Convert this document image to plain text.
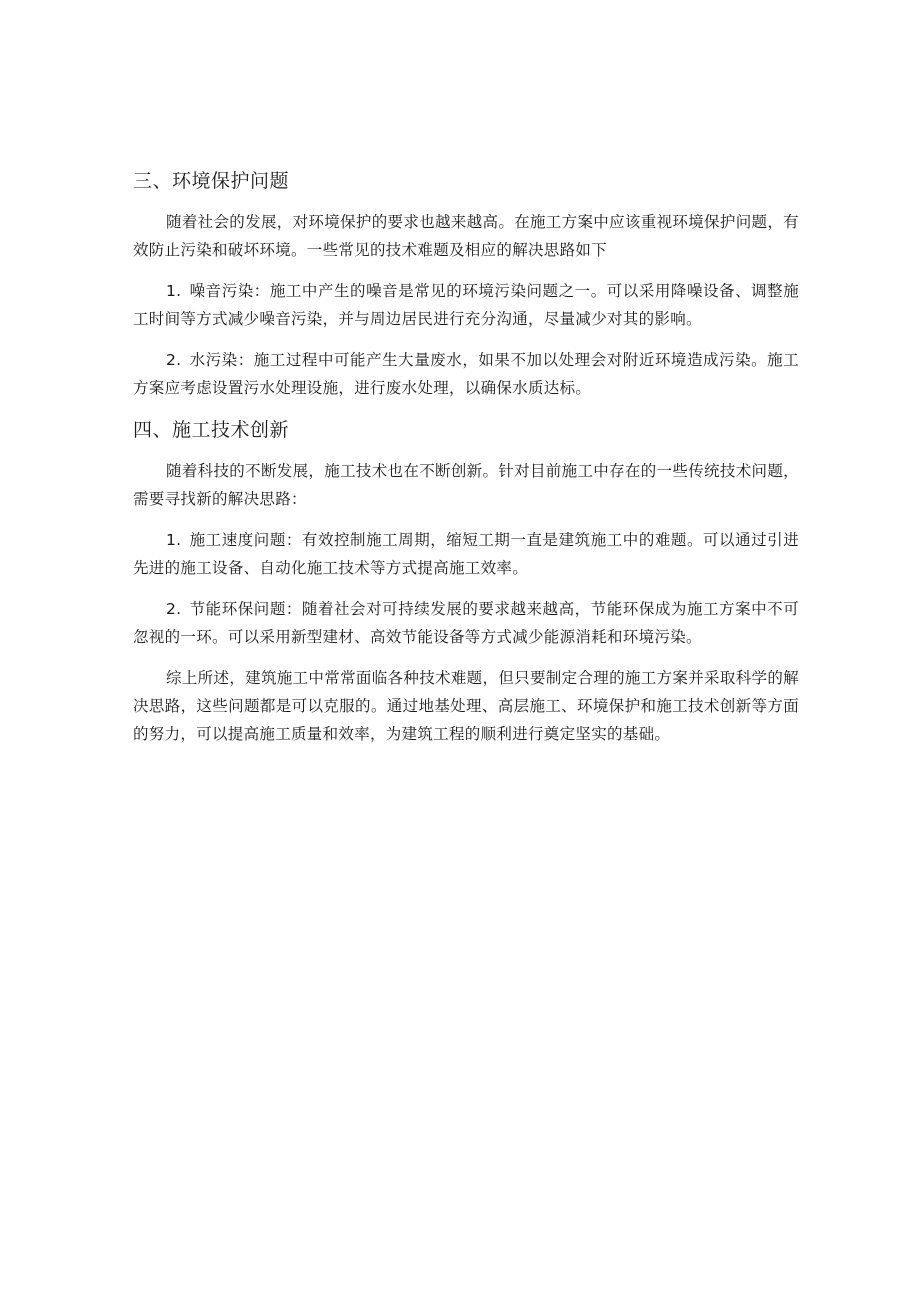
三、环境保护问题

随着社会的发展，对环境保护的要求也越来越高。在施工方案中应该重视环境保护问题，有效防止污染和破坏环境。一些常见的技术难题及相应的解决思路如下

1. 噪音污染：施工中产生的噪音是常见的环境污染问题之一。可以采用降噪设备、调整施工时间等方式减少噪音污染，并与周边居民进行充分沟通，尽量减少对其的影响。

2. 水污染：施工过程中可能产生大量废水，如果不加以处理会对附近环境造成污染。施工方案应考虑设置污水处理设施，进行废水处理，以确保水质达标。

四、施工技术创新

随着科技的不断发展，施工技术也在不断创新。针对目前施工中存在的一些传统技术问题，需要寻找新的解决思路：

1. 施工速度问题：有效控制施工周期，缩短工期一直是建筑施工中的难题。可以通过引进先进的施工设备、自动化施工技术等方式提高施工效率。

2. 节能环保问题：随着社会对可持续发展的要求越来越高，节能环保成为施工方案中不可忽视的一环。可以采用新型建材、高效节能设备等方式减少能源消耗和环境污染。

综上所述，建筑施工中常常面临各种技术难题，但只要制定合理的施工方案并采取科学的解决思路，这些问题都是可以克服的。通过地基处理、高层施工、环境保护和施工技术创新等方面的努力，可以提高施工质量和效率，为建筑工程的顺利进行奠定坚实的基础。
